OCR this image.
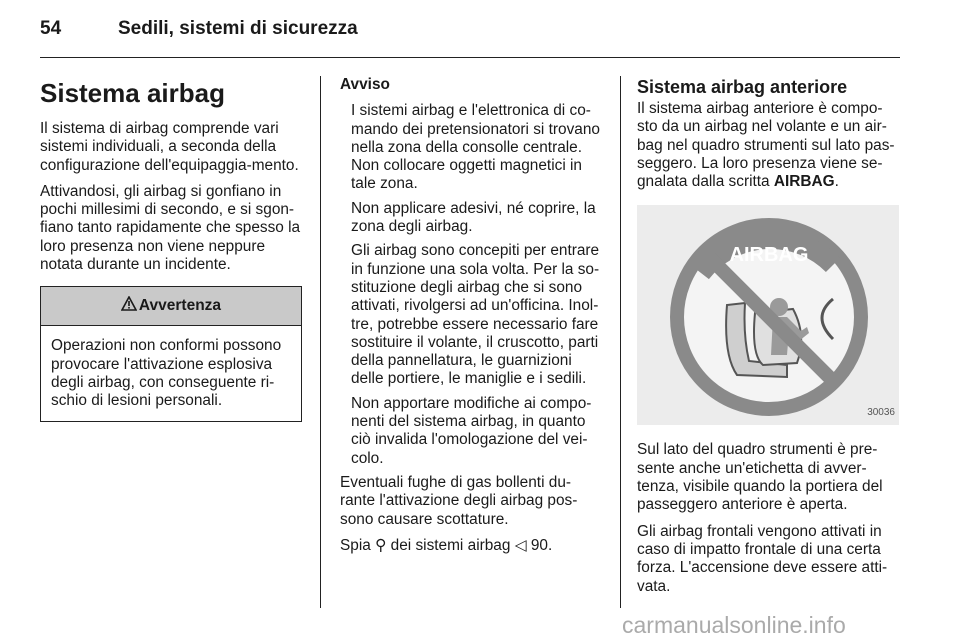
54	Sedili, sistemi di sicurezza
Sistema airbag

Il sistema di airbag comprende vari sistemi individuali, a seconda della configurazione dell'equipaggia-mento.

Attivandosi, gli airbag si gonfiano in pochi millesimi di secondo, e si sgon-fiano tanto rapidamente che spesso la loro presenza non viene neppure notata durante un incidente.

Avvertenza
Operazioni non conformi possono provocare l'attivazione esplosiva degli airbag, con conseguente ri-schio di lesioni personali.

Avviso

I sistemi airbag e l'elettronica di co-mando dei pretensionatori si trovano nella zona della consolle centrale. Non collocare oggetti magnetici in tale zona.

Non applicare adesivi, né coprire, la zona degli airbag.

Gli airbag sono concepiti per entrare in funzione una sola volta. Per la so-stituzione degli airbag che si sono attivati, rivolgersi ad un'officina. Inol-tre, potrebbe essere necessario fare sostituire il volante, il cruscotto, parti della pannellatura, le guarnizioni delle portiere, le maniglie e i sedili.

Non apportare modifiche ai compo-nenti del sistema airbag, in quanto ciò invalida l'omologazione del vei-colo.

Eventuali fughe di gas bollenti du-rante l'attivazione degli airbag pos-sono causare scottature.

Spia ⚲ dei sistemi airbag ◁ 90.

Sistema airbag anteriore

Il sistema airbag anteriore è compo-sto da un airbag nel volante e un air-bag nel quadro strumenti sul lato pas-seggero. La loro presenza viene se-gnalata dalla scritta AIRBAG.

AIRBAG
30036

Sul lato del quadro strumenti è pre-sente anche un'etichetta di avver-tenza, visibile quando la portiera del passeggero anteriore è aperta.

Gli airbag frontali vengono attivati in caso di impatto frontale di una certa forza. L'accensione deve essere atti-vata.

carmanualsonline.info
